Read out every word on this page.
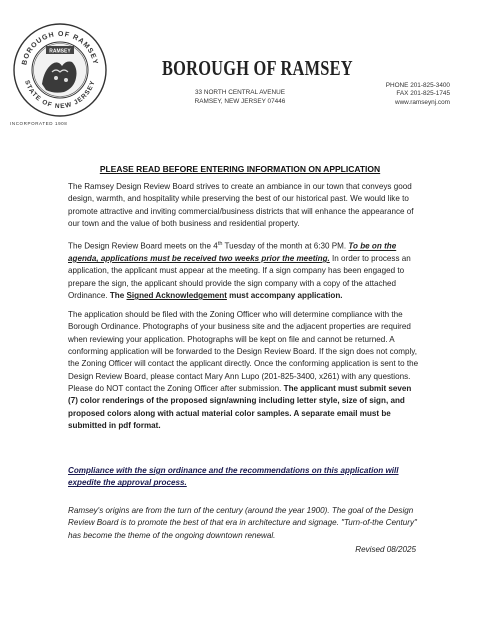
BOROUGH OF RAMSEY
STATE OF NEW JERSEY
RAMSEY
INCORPORATED 1908
BOROUGH OF RAMSEY
33 NORTH CENTRAL AVENUE
RAMSEY, NEW JERSEY 07446
PHONE 201-825-3400
FAX 201-825-1745
www.ramseynj.com
PLEASE READ BEFORE ENTERING INFORMATION ON APPLICATION
The Ramsey Design Review Board strives to create an ambiance in our town that conveys good design, warmth, and hospitality while preserving the best of our historical past. We would like to promote attractive and inviting commercial/business districts that will enhance the appearance of our town and the value of both business and residential property.
The Design Review Board meets on the 4th Tuesday of the month at 6:30 PM. To be on the agenda, applications must be received two weeks prior the meeting. In order to process an application, the applicant must appear at the meeting. If a sign company has been engaged to prepare the sign, the applicant should provide the sign company with a copy of the attached Ordinance. The Signed Acknowledgement must accompany application.
The application should be filed with the Zoning Officer who will determine compliance with the Borough Ordinance. Photographs of your business site and the adjacent properties are required when reviewing your application. Photographs will be kept on file and cannot be returned. A conforming application will be forwarded to the Design Review Board. If the sign does not comply, the Zoning Officer will contact the applicant directly. Once the conforming application is sent to the Design Review Board, please contact Mary Ann Lupo (201-825-3400, x261) with any questions. Please do NOT contact the Zoning Officer after submission. The applicant must submit seven (7) color renderings of the proposed sign/awning including letter style, size of sign, and proposed colors along with actual material color samples. A separate email must be submitted in pdf format.
Compliance with the sign ordinance and the recommendations on this application will expedite the approval process.
Ramsey's origins are from the turn of the century (around the year 1900). The goal of the Design Review Board is to promote the best of that era in architecture and signage. "Turn-of-the Century" has become the theme of the ongoing downtown renewal.
Revised 08/2025
